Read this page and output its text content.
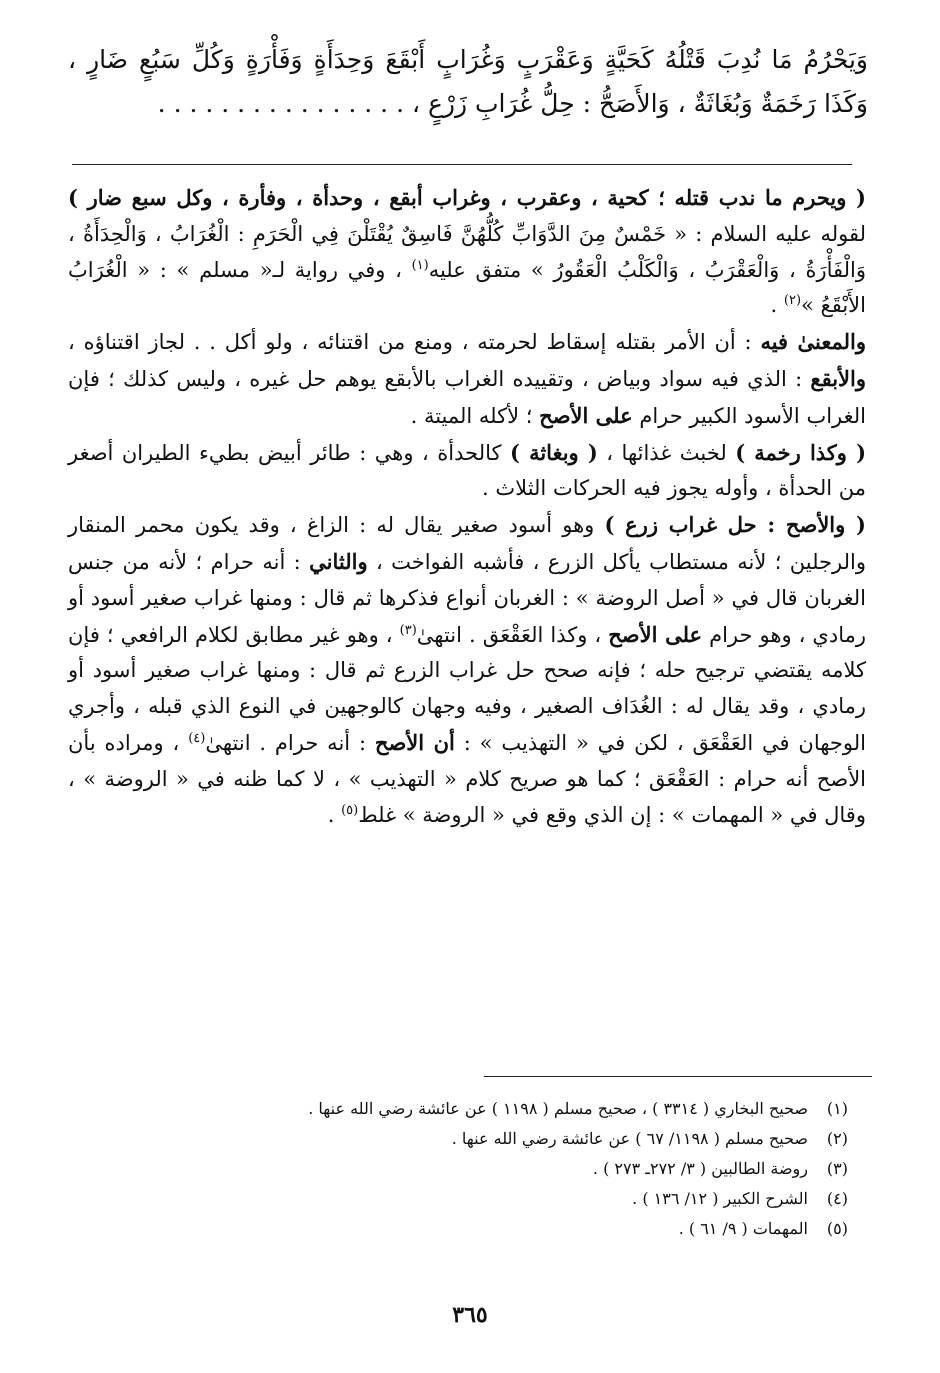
وَيَحْرُمُ مَا نُدِبَ قَتْلُهُ كَحَيَّةٍ وَعَقْرَبٍ وَغُرَابٍ أَبْقَعَ وَحِدَأَةٍ وَفَأْرَةٍ وَكُلِّ سَبُعٍ ضَارٍ ، وَكَذَا رَخَمَةٌ وَبُغَاثَةٌ ، وَالأَصَحُّ : حِلُّ غُرَابِ زَرْعٍ ، . . . . . . . . . . . . . . . .

( ويحرم ما ندب قتله ؛ كحية ، وعقرب ، وغراب أبقع ، وحدأة ، وفأرة ، وكل سبع ضار ) لقوله عليه السلام : « خَمْسٌ مِنَ الدَّوَابِّ كُلُّهُنَّ فَاسِقٌ يُقْتَلْنَ فِي الْحَرَمِ : الْغُرَابُ ، وَالْحِدَأَةُ ، وَالْفَأْرَةُ ، وَالْعَقْرَبُ ، وَالْكَلْبُ الْعَقُورُ » متفق عليه$^{(١)}$ ، وفي رواية لـ« مسلم » : « الْغُرَابُ الأَبْقَعُ »$^{(٢)}$ .

والمعنىٰ فيه : أن الأمر بقتله إسقاط لحرمته ، ومنع من اقتنائه ، ولو أكل . . لجاز اقتناؤه ، والأبقع : الذي فيه سواد وبياض ، وتقييده الغراب بالأبقع يوهم حل غيره ، وليس كذلك ؛ فإن الغراب الأسود الكبير حرام على الأصح ؛ لأكله الميتة .

( وكذا رخمة ) لخبث غذائها ، ( وبغاثة ) كالحدأة ، وهي : طائر أبيض بطيء الطيران أصغر من الحدأة ، وأوله يجوز فيه الحركات الثلاث .

( والأصح : حل غراب زرع ) وهو أسود صغير يقال له : الزاغ ، وقد يكون محمر المنقار والرجلين ؛ لأنه مستطاب يأكل الزرع ، فأشبه الفواخت ، والثاني : أنه حرام ؛ لأنه من جنس الغربان قال في « أصل الروضة » : الغربان أنواع فذكرها ثم قال : ومنها غراب صغير أسود أو رمادي ، وهو حرام على الأصح ، وكذا العَقْعَق . انتهىٰ$^{(٣)}$ ، وهو غير مطابق لكلام الرافعي ؛ فإن كلامه يقتضي ترجيح حله ؛ فإنه صحح حل غراب الزرع ثم قال : ومنها غراب صغير أسود أو رمادي ، وقد يقال له : الغُدَاف الصغير ، وفيه وجهان كالوجهين في النوع الذي قبله ، وأجري الوجهان في العَقْعَق ، لكن في « التهذيب » : أن الأصح : أنه حرام . انتهىٰ$^{(٤)}$ ، ومراده بأن الأصح أنه حرام : العَقْعَق ؛ كما هو صريح كلام « التهذيب » ، لا كما ظنه في « الروضة » ، وقال في « المهمات » : إن الذي وقع في « الروضة » غلط$^{(٥)}$ .

(١)صحيح البخاري ( ٣٣١٤ ) ، صحيح مسلم ( ١١٩٨ ) عن عائشة رضي الله عنها .
(٢)صحيح مسلم ( ١١٩٨/ ٦٧ ) عن عائشة رضي الله عنها .
(٣)روضة الطالبين ( ٣/ ٢٧٢ـ ٢٧٣ ) .
(٤)الشرح الكبير ( ١٢/ ١٣٦ ) .
(٥)المهمات ( ٩/ ٦١ ) .
٣٦٥
